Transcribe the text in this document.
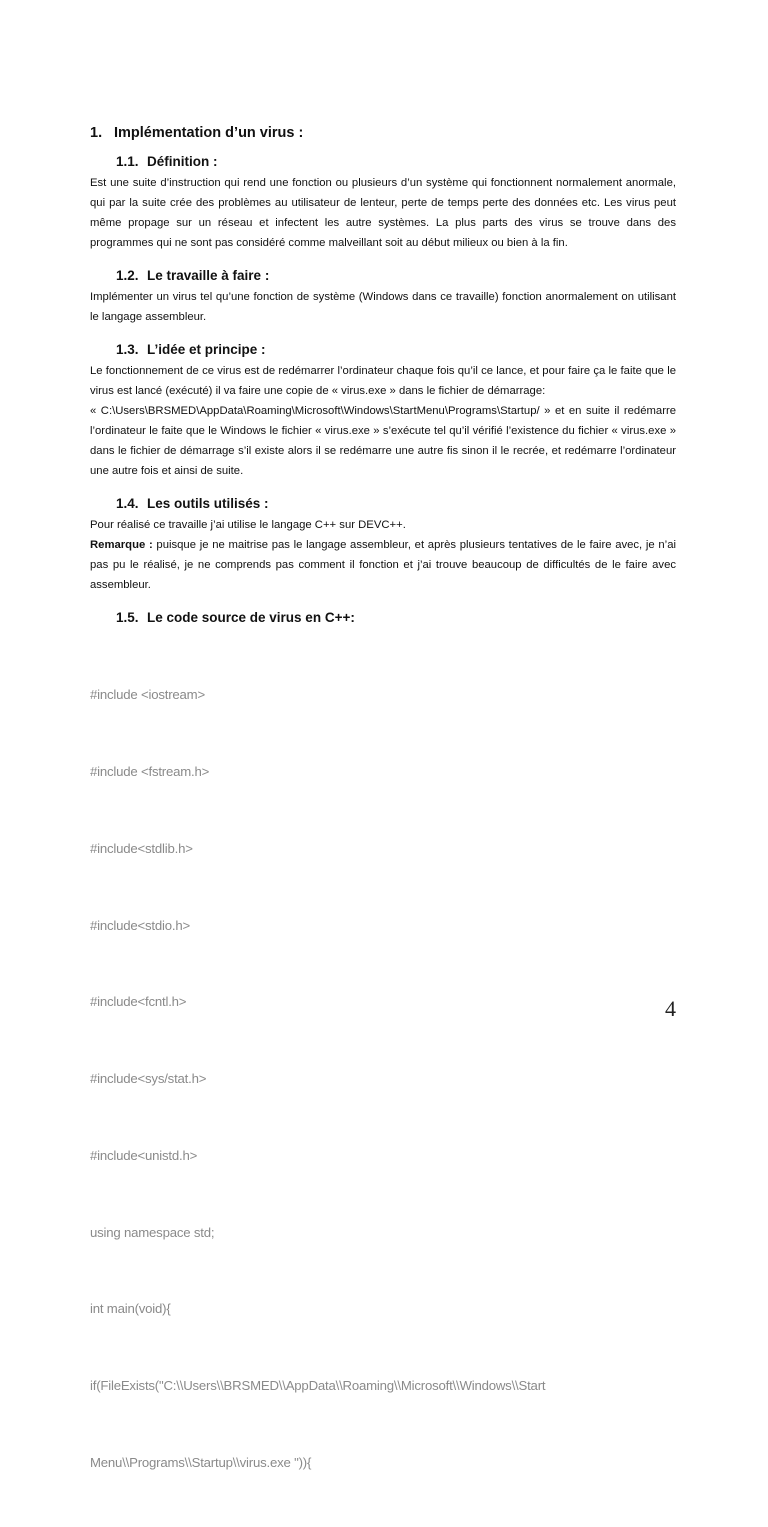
1. Implémentation d’un virus :
1.1. Définition :

Est une suite d’instruction qui rend une fonction ou plusieurs d’un système qui fonctionnent normalement anormale, qui par la suite crée des problèmes au utilisateur de lenteur, perte de temps perte des données etc. Les virus peut même propage sur un réseau et infectent les autre systèmes. La plus parts des virus se trouve dans des programmes qui ne sont pas considéré comme malveillant soit au début milieux ou bien à la fin.

1.2. Le travaille à faire :

Implémenter un virus tel qu’une fonction de système (Windows dans ce travaille) fonction anormalement on utilisant le langage assembleur.

1.3. L’idée et principe :

Le fonctionnement de ce virus est de redémarrer l’ordinateur chaque fois qu’il ce lance, et pour faire ça le faite que le virus est lancé (exécuté) il va faire une copie de « virus.exe » dans le fichier de démarrage:

« C:\Users\BRSMED\AppData\Roaming\Microsoft\Windows\StartMenu\Programs\Startup/ » et en suite il redémarre l’ordinateur le faite que le Windows le fichier « virus.exe » s’exécute tel qu’il vérifié l’existence du fichier « virus.exe » dans le fichier de démarrage s’il existe alors il se redémarre une autre fis sinon il le recrée, et redémarre l’ordinateur une autre fois et ainsi de suite.

1.4. Les outils utilisés :

Pour réalisé ce travaille j’ai utilise le langage C++ sur DEVC++.

Remarque : puisque je ne maitrise pas le langage assembleur, et après plusieurs tentatives de le faire avec, je n’ai pas pu le réalisé, je ne comprends pas comment il fonction et j’ai trouve beaucoup de difficultés de le faire avec assembleur.

1.5. Le code source de virus en C++:

#include <iostream>

#include <fstream.h>

#include<stdlib.h>

#include<stdio.h>

#include<fcntl.h>

#include<sys/stat.h>

#include<unistd.h>

using namespace std;

int main(void){

if(FileExists("C:\\Users\\BRSMED\\AppData\\Roaming\\Microsoft\\Windows\\Start

Menu\\Programs\\Startup\\virus.exe ")){

4
